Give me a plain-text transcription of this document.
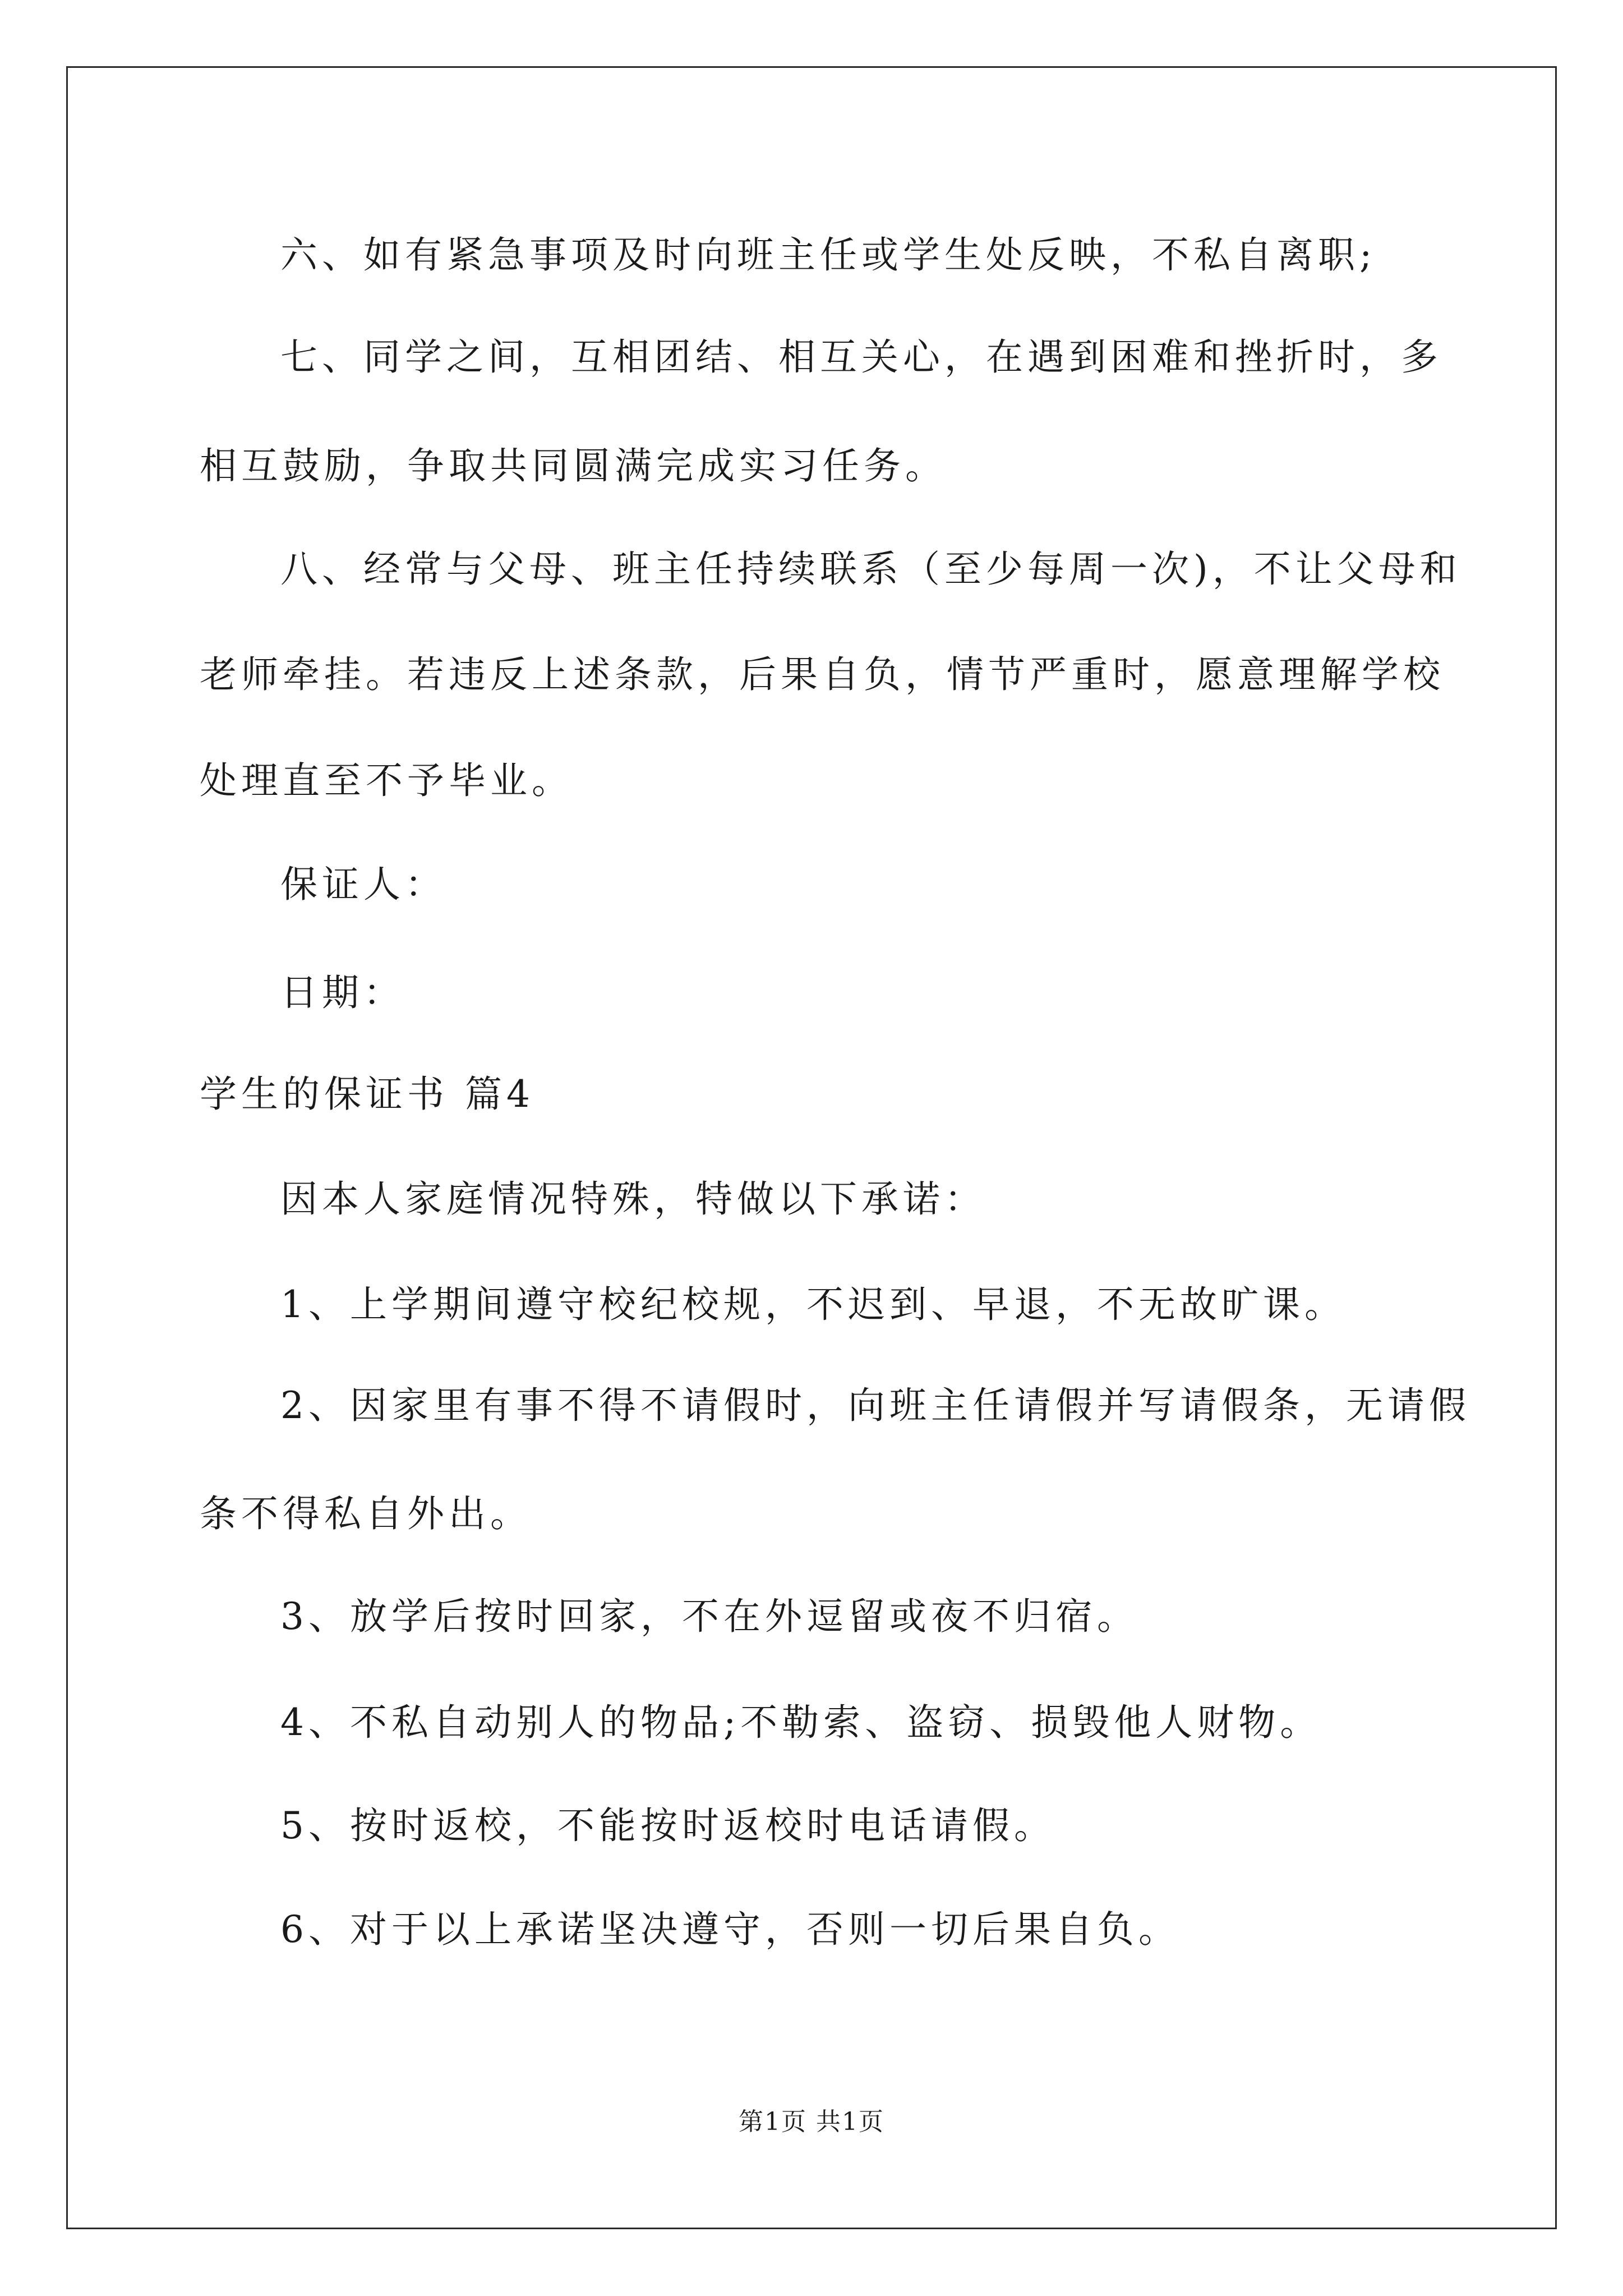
六、如有紧急事项及时向班主任或学生处反映，不私自离职;

七、同学之间，互相团结、相互关心，在遇到困难和挫折时，多

相互鼓励，争取共同圆满完成实习任务。

八、经常与父母、班主任持续联系（至少每周一次)，不让父母和

老师牵挂。若违反上述条款，后果自负，情节严重时，愿意理解学校

处理直至不予毕业。

保证人：

日期：

学生的保证书 篇4

因本人家庭情况特殊，特做以下承诺：

1、上学期间遵守校纪校规，不迟到、早退，不无故旷课。

2、因家里有事不得不请假时，向班主任请假并写请假条，无请假

条不得私自外出。

3、放学后按时回家，不在外逗留或夜不归宿。

4、不私自动别人的物品;不勒索、盗窃、损毁他人财物。

5、按时返校，不能按时返校时电话请假。

6、对于以上承诺坚决遵守，否则一切后果自负。

第1页 共1页
